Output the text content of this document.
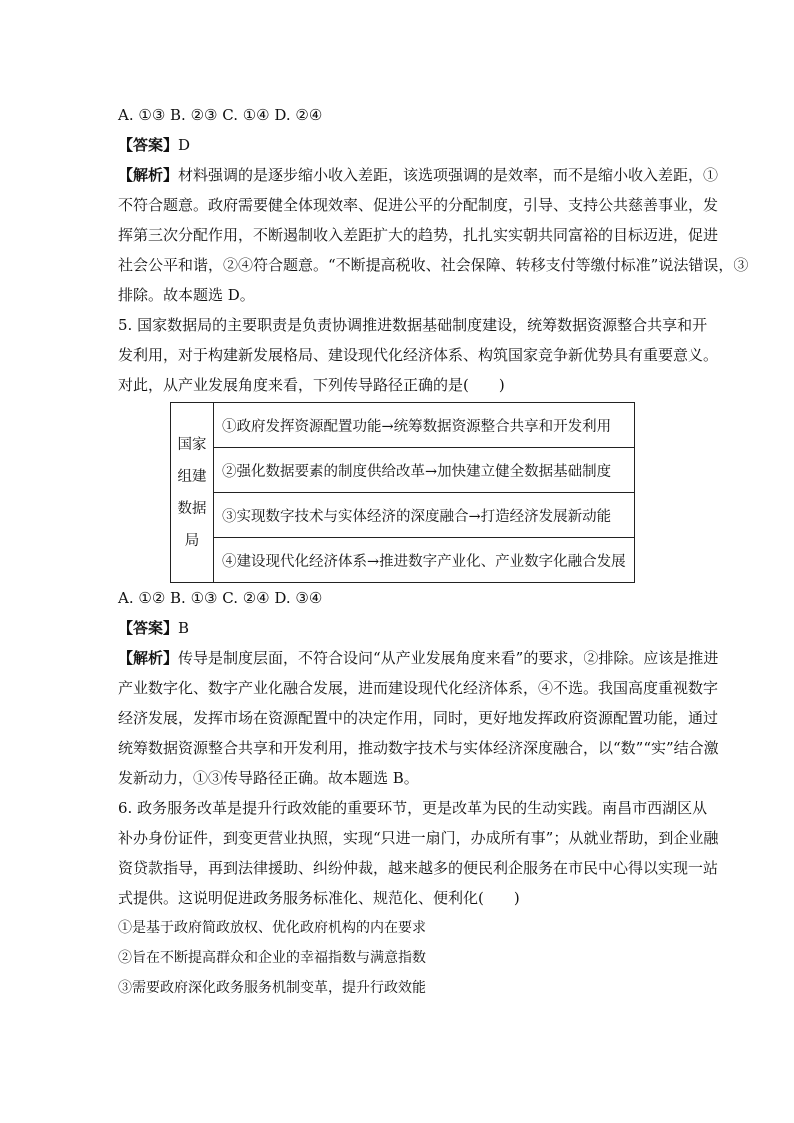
A. ①③ B. ②③ C. ①④ D. ②④
【答案】D
【解析】材料强调的是逐步缩小收入差距，该选项强调的是效率，而不是缩小收入差距，①
不符合题意。政府需要健全体现效率、促进公平的分配制度，引导、支持公共慈善事业，发
挥第三次分配作用，不断遏制收入差距扩大的趋势，扎扎实实朝共同富裕的目标迈进，促进
社会公平和谐，②④符合题意。“不断提高税收、社会保障、转移支付等缴付标准”说法错误，③
排除。故本题选 D。
5. 国家数据局的主要职责是负责协调推进数据基础制度建设，统筹数据资源整合共享和开
发利用，对于构建新发展格局、建设现代化经济体系、构筑国家竞争新优势具有重要意义。
对此，从产业发展角度来看，下列传导路径正确的是(　　)
国家
组建
数据
局
	①政府发挥资源配置功能→统筹数据资源整合共享和开发利用
②强化数据要素的制度供给改革→加快建立健全数据基础制度
③实现数字技术与实体经济的深度融合→打造经济发展新动能
④建设现代化经济体系→推进数字产业化、产业数字化融合发展
A. ①② B. ①③ C. ②④ D. ③④
【答案】B
【解析】传导是制度层面，不符合设问“从产业发展角度来看”的要求，②排除。应该是推进
产业数字化、数字产业化融合发展，进而建设现代化经济体系，④不选。我国高度重视数字
经济发展，发挥市场在资源配置中的决定作用，同时，更好地发挥政府资源配置功能，通过
统筹数据资源整合共享和开发利用，推动数字技术与实体经济深度融合，以“数”“实”结合激
发新动力，①③传导路径正确。故本题选 B。
6. 政务服务改革是提升行政效能的重要环节，更是改革为民的生动实践。南昌市西湖区从
补办身份证件，到变更营业执照，实现“只进一扇门，办成所有事”；从就业帮助，到企业融
资贷款指导，再到法律援助、纠纷仲裁，越来越多的便民利企服务在市民中心得以实现一站
式提供。这说明促进政务服务标准化、规范化、便利化(　　)
①是基于政府简政放权、优化政府机构的内在要求
②旨在不断提高群众和企业的幸福指数与满意指数
③需要政府深化政务服务机制变革，提升行政效能
